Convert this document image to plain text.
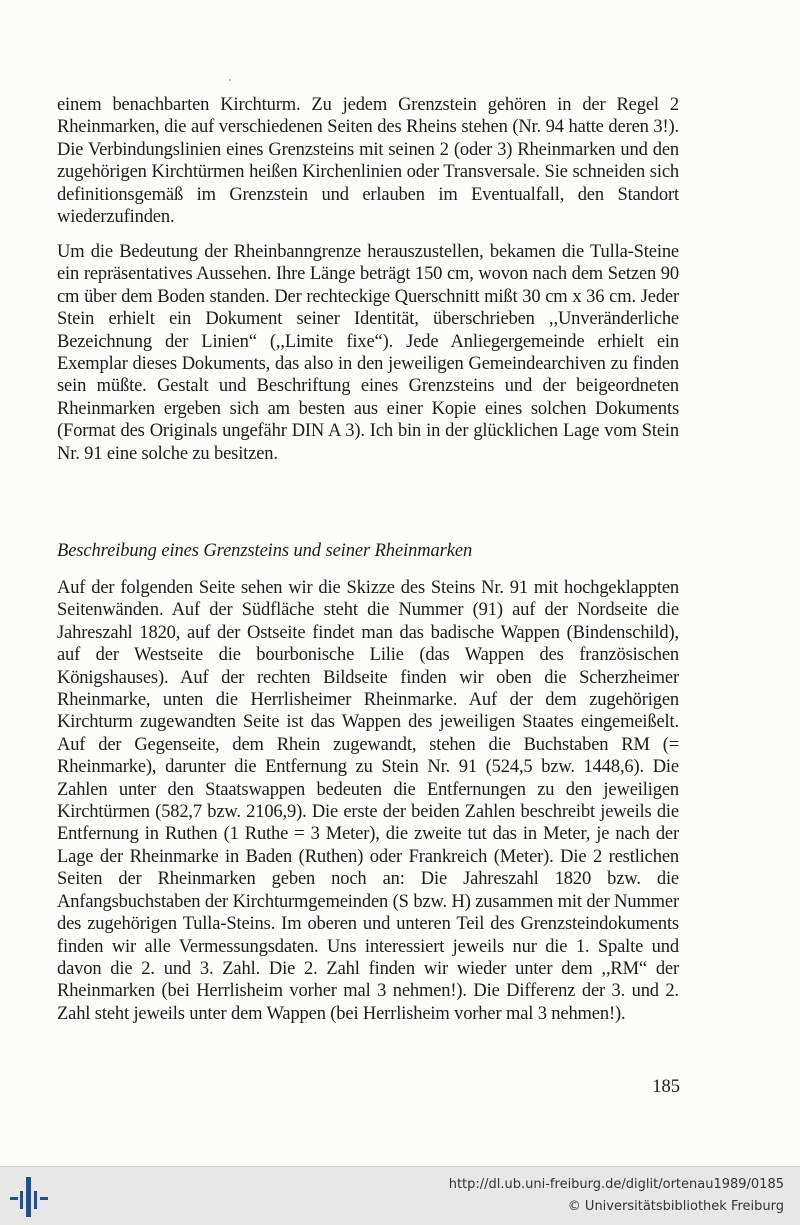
einem benachbarten Kirchturm. Zu jedem Grenzstein gehören in der Regel 2 Rheinmarken, die auf verschiedenen Seiten des Rheins stehen (Nr. 94 hatte deren 3!). Die Verbindungslinien eines Grenzsteins mit seinen 2 (oder 3) Rheinmarken und den zugehörigen Kirchtürmen heißen Kirchenlinien oder Transversale. Sie schneiden sich definitionsgemäß im Grenzstein und erlauben im Eventualfall, den Standort wiederzufinden.

Um die Bedeutung der Rheinbanngrenze herauszustellen, bekamen die Tulla-Steine ein repräsentatives Aussehen. Ihre Länge beträgt 150 cm, wovon nach dem Setzen 90 cm über dem Boden standen. Der rechteckige Querschnitt mißt 30 cm x 36 cm. Jeder Stein erhielt ein Dokument seiner Identität, überschrieben ,,Unveränderliche Bezeichnung der Linien“ (,,Limite fixe“). Jede Anliegergemeinde erhielt ein Exemplar dieses Dokuments, das also in den jeweiligen Gemeindearchiven zu finden sein müßte. Gestalt und Beschriftung eines Grenzsteins und der beigeordneten Rheinmarken ergeben sich am besten aus einer Kopie eines solchen Dokuments (Format des Originals ungefähr DIN A 3). Ich bin in der glücklichen Lage vom Stein Nr. 91 eine solche zu besitzen.

Beschreibung eines Grenzsteins und seiner Rheinmarken

Auf der folgenden Seite sehen wir die Skizze des Steins Nr. 91 mit hochgeklappten Seitenwänden. Auf der Südfläche steht die Nummer (91) auf der Nordseite die Jahreszahl 1820, auf der Ostseite findet man das badische Wappen (Bindenschild), auf der Westseite die bourbonische Lilie (das Wappen des französischen Königshauses). Auf der rechten Bildseite finden wir oben die Scherzheimer Rheinmarke, unten die Herrlisheimer Rheinmarke. Auf der dem zugehörigen Kirchturm zugewandten Seite ist das Wappen des jeweiligen Staates eingemeißelt. Auf der Gegenseite, dem Rhein zugewandt, stehen die Buchstaben RM (= Rheinmarke), darunter die Entfernung zu Stein Nr. 91 (524,5 bzw. 1448,6). Die Zahlen unter den Staatswappen bedeuten die Entfernungen zu den jeweiligen Kirchtürmen (582,7 bzw. 2106,9). Die erste der beiden Zahlen beschreibt jeweils die Entfernung in Ruthen (1 Ruthe = 3 Meter), die zweite tut das in Meter, je nach der Lage der Rheinmarke in Baden (Ruthen) oder Frankreich (Meter). Die 2 restlichen Seiten der Rheinmarken geben noch an: Die Jahreszahl 1820 bzw. die Anfangsbuchstaben der Kirchturmgemeinden (S bzw. H) zusammen mit der Nummer des zugehörigen Tulla-Steins. Im oberen und unteren Teil des Grenzsteindokuments finden wir alle Vermessungsdaten. Uns interessiert jeweils nur die 1. Spalte und davon die 2. und 3. Zahl. Die 2. Zahl finden wir wieder unter dem ,,RM“ der Rheinmarken (bei Herrlisheim vorher mal 3 nehmen!). Die Differenz der 3. und 2. Zahl steht jeweils unter dem Wappen (bei Herrlisheim vorher mal 3 nehmen!).

185
http://dl.ub.uni-freiburg.de/diglit/ortenau1989/0185
© Universitätsbibliothek Freiburg
